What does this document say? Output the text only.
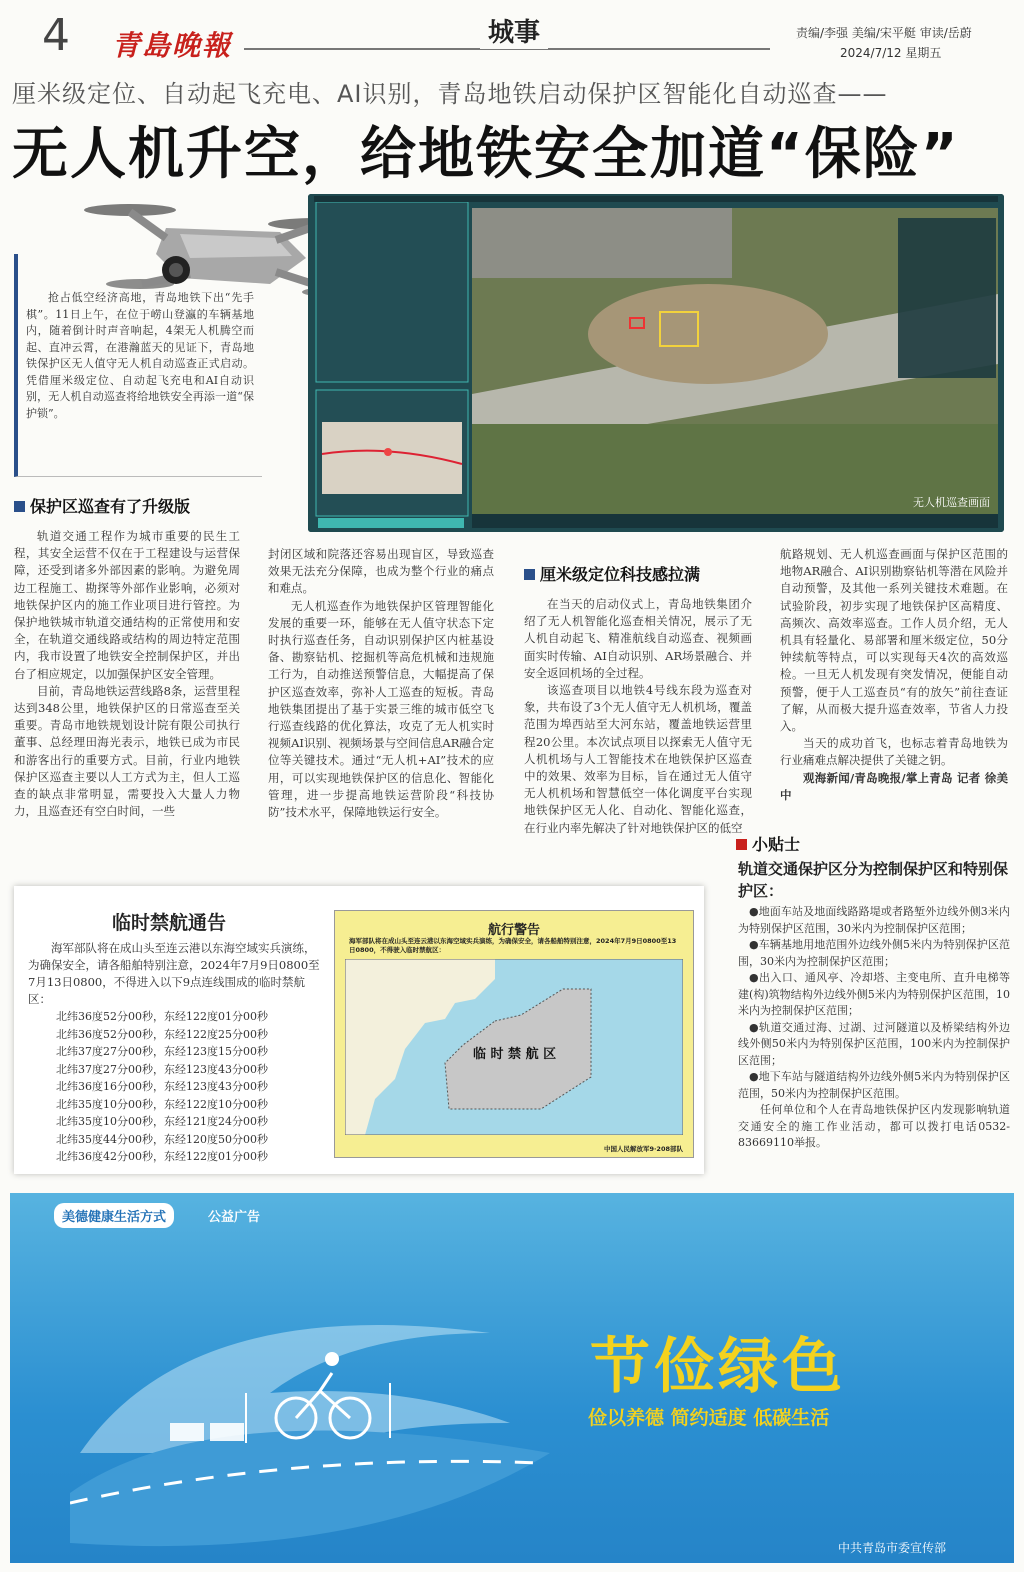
4 青島晚報	城事	责编/李强 美编/宋平艇 审读/岳蔚
2024/7/12 星期五
厘米级定位、自动起飞充电、AI识别，青岛地铁启动保护区智能化自动巡查——
无人机升空，给地铁安全加道“保险”
抢占低空经济高地，青岛地铁下出“先手棋”。11日上午，在位于崂山登瀛的车辆基地内，随着倒计时声音响起，4架无人机腾空而起、直冲云霄，在港瀚蓝天的见证下，青岛地铁保护区无人值守无人机自动巡查正式启动。凭借厘米级定位、自动起飞充电和AI自动识别，无人机自动巡查将给地铁安全再添一道“保护锁”。
无人机巡查画面
保护区巡查有了升级版

轨道交通工程作为城市重要的民生工程，其安全运营不仅在于工程建设与运营保障，还受到诸多外部因素的影响。为避免周边工程施工、勘探等外部作业影响，必须对地铁保护区内的施工作业项目进行管控。为保护地铁城市轨道交通结构的正常使用和安全，在轨道交通线路或结构的周边特定范围内，我市设置了地铁安全控制保护区，并出台了相应规定，以加强保护区安全管理。

目前，青岛地铁运营线路8条，运营里程达到348公里，地铁保护区的日常巡查至关重要。青岛市地铁规划设计院有限公司执行董事、总经理田海光表示，地铁已成为市民和游客出行的重要方式。目前，行业内地铁保护区巡查主要以人工方式为主，但人工巡查的缺点非常明显，需要投入大量人力物力，且巡查还有空白时间，一些

封闭区域和院落还容易出现盲区，导致巡查效果无法充分保障，也成为整个行业的痛点和难点。

无人机巡查作为地铁保护区管理智能化发展的重要一环，能够在无人值守状态下定时执行巡查任务，自动识别保护区内桩基设备、勘察钻机、挖掘机等高危机械和违规施工行为，自动推送预警信息，大幅提高了保护区巡查效率，弥补人工巡查的短板。青岛地铁集团提出了基于实景三维的城市低空飞行巡查线路的优化算法，攻克了无人机实时视频AI识别、视频场景与空间信息AR融合定位等关键技术。通过“无人机+AI”技术的应用，可以实现地铁保护区的信息化、智能化管理，进一步提高地铁运营阶段“科技协防”技术水平，保障地铁运行安全。

厘米级定位科技感拉满

在当天的启动仪式上，青岛地铁集团介绍了无人机智能化巡查相关情况，展示了无人机自动起飞、精准航线自动巡查、视频画面实时传输、AI自动识别、AR场景融合、并安全返回机场的全过程。

该巡查项目以地铁4号线东段为巡查对象，共布设了3个无人值守无人机机场，覆盖范围为埠西站至大河东站，覆盖地铁运营里程20公里。本次试点项目以探索无人值守无人机机场与人工智能技术在地铁保护区巡查中的效果、效率为目标，旨在通过无人值守无人机机场和智慧低空一体化调度平台实现地铁保护区无人化、自动化、智能化巡查，在行业内率先解决了针对地铁保护区的低空

航路规划、无人机巡查画面与保护区范围的地物AR融合、AI识别勘察钻机等潜在风险并自动预警，及其他一系列关键技术难题。在试验阶段，初步实现了地铁保护区高精度、高频次、高效率巡查。工作人员介绍，无人机具有轻量化、易部署和厘米级定位，50分钟续航等特点，可以实现每天4次的高效巡检。一旦无人机发现有突发情况，便能自动预警，便于人工巡查员“有的放矢”前往查证了解，从而极大提升巡查效率，节省人力投入。

当天的成功首飞，也标志着青岛地铁为行业痛难点解决提供了关键之钥。

观海新闻/青岛晚报/掌上青岛 记者 徐美中

小贴士
轨道交通保护区分为控制保护区和特别保护区：

●地面车站及地面线路路堤或者路堑外边线外侧3米内为特别保护区范围，30米内为控制保护区范围；

●车辆基地用地范围外边线外侧5米内为特别保护区范围，30米内为控制保护区范围；

●出入口、通风亭、冷却塔、主变电所、直升电梯等建(构)筑物结构外边线外侧5米内为特别保护区范围，10米内为控制保护区范围；

●轨道交通过海、过湖、过河隧道以及桥梁结构外边线外侧50米内为特别保护区范围，100米内为控制保护区范围；

●地下车站与隧道结构外边线外侧5米内为特别保护区范围，50米内为控制保护区范围。

任何单位和个人在青岛地铁保护区内发现影响轨道交通安全的施工作业活动，都可以拨打电话0532-83669110举报。

临时禁航通告
海军部队将在成山头至连云港以东海空域实兵演练，为确保安全，请各船舶特别注意，2024年7月9日0800至7月13日0800，不得进入以下9点连线围成的临时禁航区：
北纬36度52分00秒，东经122度01分00秒
北纬36度52分00秒，东经122度25分00秒
北纬37度27分00秒，东经123度15分00秒
北纬37度27分00秒，东经123度43分00秒
北纬36度16分00秒，东经123度43分00秒
北纬35度10分00秒，东经122度10分00秒
北纬35度10分00秒，东经121度24分00秒
北纬35度44分00秒，东经120度50分00秒
北纬36度42分00秒，东经122度01分00秒
航行警告
海军部队将在成山头至连云港以东海空域实兵演练，为确保安全，请各船舶特别注意，2024年7月9日0800至13日0800，不得驶入临时禁航区：
临 时 禁 航 区
中国人民解放军9·208部队
美德健康生活方式	公益广告
节俭绿色
俭以养德 简约适度 低碳生活
中共青岛市委宣传部
